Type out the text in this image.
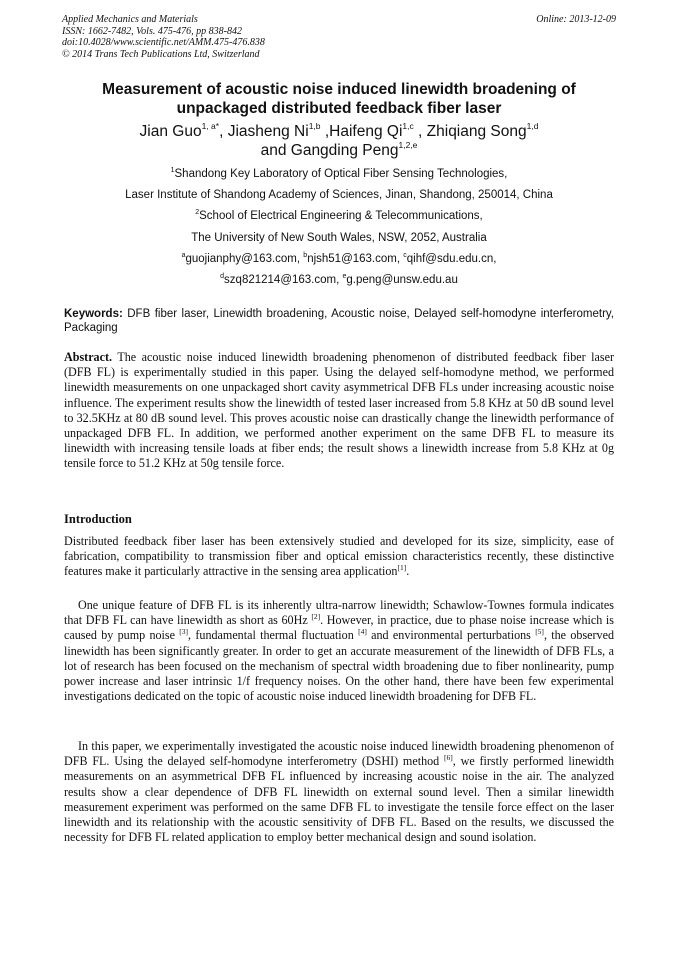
Applied Mechanics and Materials
ISSN: 1662-7482, Vols. 475-476, pp 838-842
doi:10.4028/www.scientific.net/AMM.475-476.838
© 2014 Trans Tech Publications Ltd, Switzerland
Online: 2013-12-09
Measurement of acoustic noise induced linewidth broadening of unpackaged distributed feedback fiber laser
Jian Guo$^{1, a*}$, Jiasheng Ni$^{1,b}$ ,Haifeng Qi$^{1,c}$ , Zhiqiang Song$^{1,d}$
and Gangding Peng$^{1,2,e}$
$^1$Shandong Key Laboratory of Optical Fiber Sensing Technologies,
Laser Institute of Shandong Academy of Sciences, Jinan, Shandong, 250014, China
$^2$School of Electrical Engineering & Telecommunications,
The University of New South Wales, NSW, 2052, Australia
$^a$guojianphy@163.com, $^b$njsh51@163.com, $^c$qihf@sdu.edu.cn,
$^d$szq821214@163.com, $^e$g.peng@unsw.edu.au
Keywords: DFB fiber laser, Linewidth broadening, Acoustic noise, Delayed self-homodyne interferometry, Packaging
Abstract. The acoustic noise induced linewidth broadening phenomenon of distributed feedback fiber laser (DFB FL) is experimentally studied in this paper. Using the delayed self-homodyne method, we performed linewidth measurements on one unpackaged short cavity asymmetrical DFB FLs under increasing acoustic noise influence. The experiment results show the linewidth of tested laser increased from 5.8 KHz at 50 dB sound level to 32.5KHz at 80 dB sound level. This proves acoustic noise can drastically change the linewidth performance of unpackaged DFB FL. In addition, we performed another experiment on the same DFB FL to measure its linewidth with increasing tensile loads at fiber ends; the result shows a linewidth increase from 5.8 KHz at 0g tensile force to 51.2 KHz at 50g tensile force.
Introduction
Distributed feedback fiber laser has been extensively studied and developed for its size, simplicity, ease of fabrication, compatibility to transmission fiber and optical emission characteristics recently, these distinctive features make it particularly attractive in the sensing area application[1].
One unique feature of DFB FL is its inherently ultra-narrow linewidth; Schawlow-Townes formula indicates that DFB FL can have linewidth as short as 60Hz [2]. However, in practice, due to phase noise increase which is caused by pump noise [3], fundamental thermal fluctuation [4] and environmental perturbations [5], the observed linewidth has been significantly greater. In order to get an accurate measurement of the linewidth of DFB FLs, a lot of research has been focused on the mechanism of spectral width broadening due to fiber nonlinearity, pump power increase and laser intrinsic 1/f frequency noises. On the other hand, there have been few experimental investigations dedicated on the topic of acoustic noise induced linewidth broadening for DFB FL.
In this paper, we experimentally investigated the acoustic noise induced linewidth broadening phenomenon of DFB FL. Using the delayed self-homodyne interferometry (DSHI) method [6], we firstly performed linewidth measurements on an asymmetrical DFB FL influenced by increasing acoustic noise in the air. The analyzed results show a clear dependence of DFB FL linewidth on external sound level. Then a similar linewidth measurement experiment was performed on the same DFB FL to investigate the tensile force effect on the laser linewidth and its relationship with the acoustic sensitivity of DFB FL. Based on the results, we discussed the necessity for DFB FL related application to employ better mechanical design and sound isolation.
